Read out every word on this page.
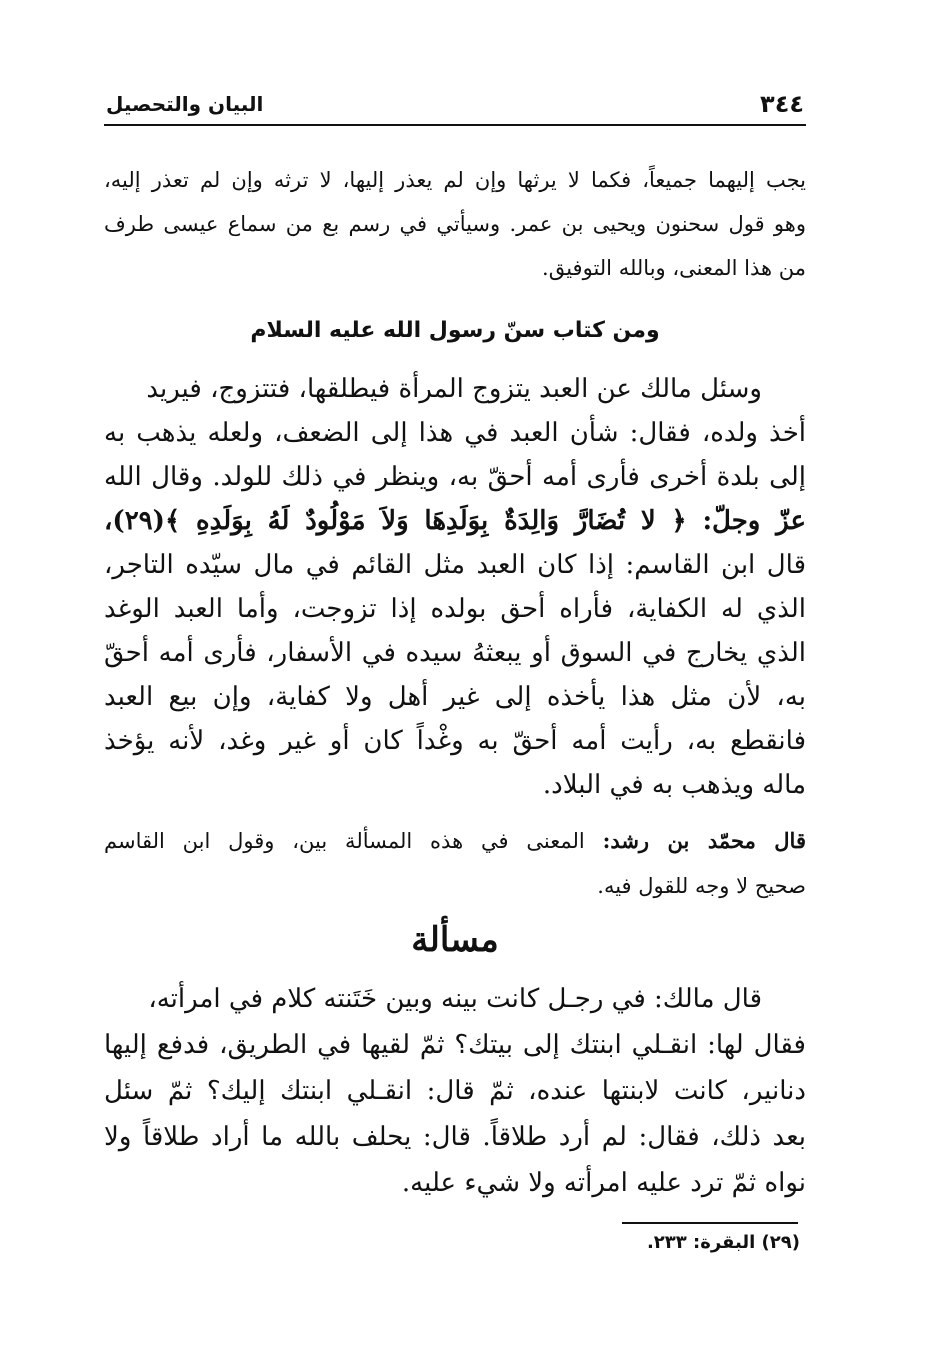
٣٤٤
البيان والتحصيل

يجب إليهما جميعاً، فكما لا يرثها وإن لم يعذر إليها، لا ترثه وإن لم تعذر إليه،

وهو قول سحنون ويحيى بن عمر. وسيأتي في رسم بع من سماع عيسى طرف

من هذا المعنى، وبالله التوفيق.

ومن كتاب سنّ رسول الله عليه السلام

وسئل مالك عن العبد يتزوج المرأة فيطلقها، فتتزوج، فيريد

أخذ ولده، فقال: شأن العبد في هذا إلى الضعف، ولعله يذهب به

إلى بلدة أخرى فأرى أمه أحقّ به، وينظر في ذلك للولد. وقال الله

عزّ وجلّ: ﴿ لا تُضَارَّ وَالِدَةٌ بِوَلَدِهَا وَلاَ مَوْلُودٌ لَهُ بِوَلَدِهِ ﴾(٢٩)،

قال ابن القاسم: إذا كان العبد مثل القائم في مال سيّده التاجر،

الذي له الكفاية، فأراه أحق بولده إذا تزوجت، وأما العبد الوغد

الذي يخارج في السوق أو يبعثهُ سيده في الأسفار، فأرى أمه أحقّ

به، لأن مثل هذا يأخذه إلى غير أهل ولا كفاية، وإن بيع العبد

فانقطع به، رأيت أمه أحقّ به وغْداً كان أو غير وغد، لأنه يؤخذ

ماله ويذهب به في البلاد.

قال محمّد بن رشد: المعنى في هذه المسألة بين، وقول ابن القاسم

صحيح لا وجه للقول فيه.

مسألة

قال مالك: في رجـل كانت بينه وبين خَتَنته كلام في امرأته،

فقال لها: انقـلي ابنتك إلى بيتك؟ ثمّ لقيها في الطريق، فدفع إليها

دنانير، كانت لابنتها عنده، ثمّ قال: انقـلي ابنتك إليك؟ ثمّ سئل

بعد ذلك، فقال: لم أرد طلاقاً. قال: يحلف بالله ما أراد طلاقاً ولا

نواه ثمّ ترد عليه امرأته ولا شيء عليه.

(٢٩) البقرة: ٢٣٣.
